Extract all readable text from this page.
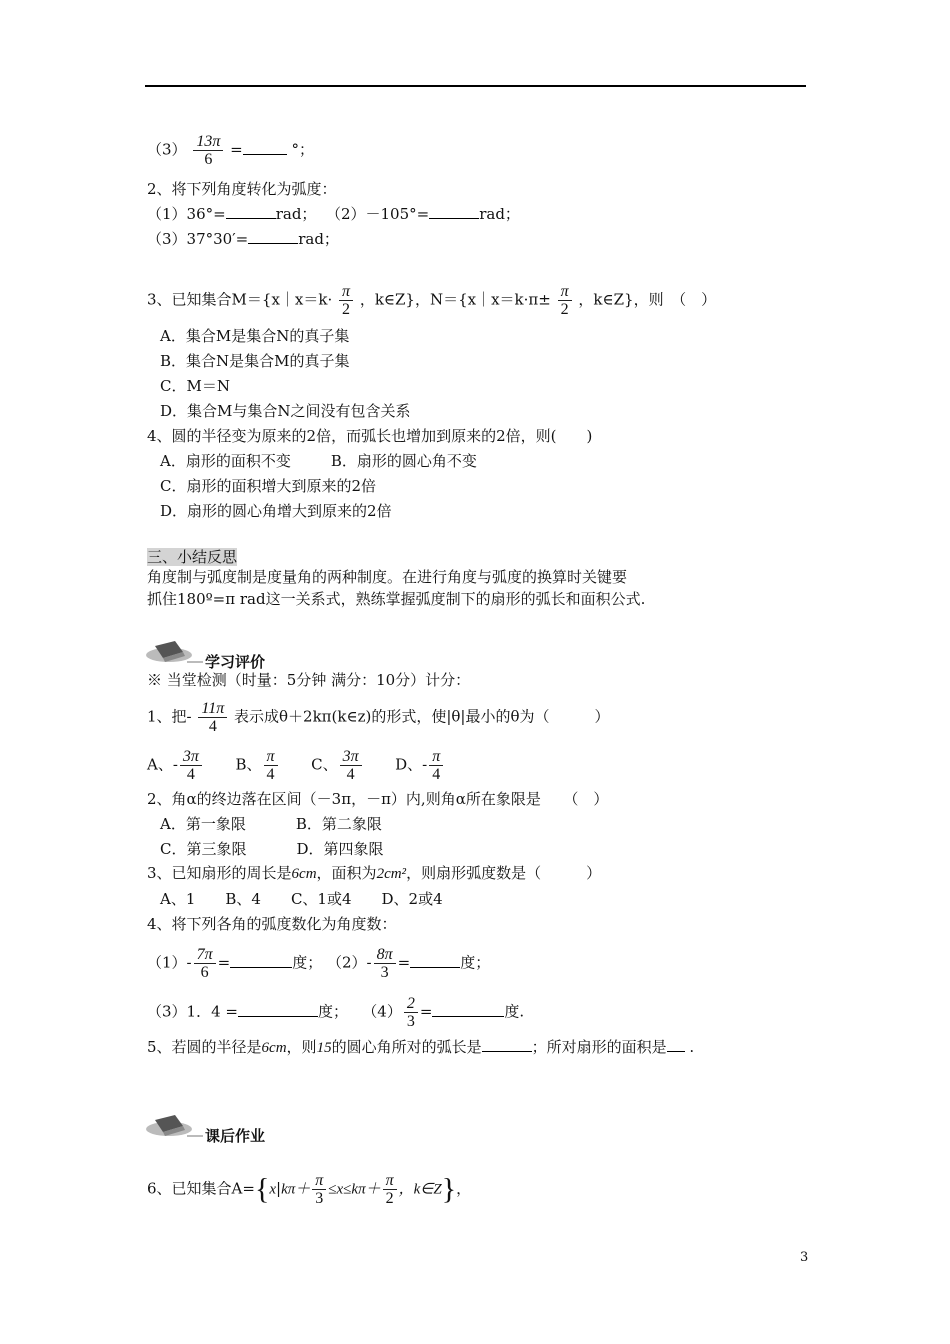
$(3) \frac{13\pi}{6}$ =	°；
2、将下列角度转化为弧度：
（1）36°=	rad； （2）－105°=	rad；
（3）37°30′=	rad；
3、已知集合M＝{x｜x＝k· $\frac{\pi}{2}$ ，k∈Z}，N＝{x｜x＝k·π± $\frac{\pi}{2}$ ，k∈Z}，则　（　）
A．集合M是集合N的真子集
B．集合N是集合M的真子集
C．M＝N
D．集合M与集合N之间没有包含关系
4、圆的半径变为原来的2倍，而弧长也增加到原来的2倍，则(　　)
A．扇形的面积不变	B．扇形的圆心角不变
C．扇形的面积增大到原来的2倍
D．扇形的圆心角增大到原来的2倍
三、小结反思
角度制与弧度制是度量角的两种制度。在进行角度与弧度的换算时关键要
抓住180º=π rad这一关系式，熟练掌握弧度制下的扇形的弧长和面积公式.
学习评价
※ 当堂检测（时量：5分钟 满分：10分）计分：
1、把- $\frac{11\pi}{4}$ 表示成θ＋2kπ(k∈z)的形式，使|θ|最小的θ为（　　　）
A、- $\frac{3\pi}{4}$ B、 $\frac{\pi}{4}$ C、 $\frac{3\pi}{4}$ D、- $\frac{\pi}{4}$
2、角α的终边落在区间（－3π，－π）内,则角α所在象限是　　（　）
A．第一象限	B．第二象限
C．第三象限	D．第四象限
3、已知扇形的周长是6cm，面积为2cm²，则扇形弧度数是（　　　）
A、1　　B、4　　C、1或4　　D、2或4
4、将下列各角的弧度数化为角度数：
$(1)- \frac{7\pi}{6}$ =	度； $(2)- \frac{8\pi}{3}$ =	度；
（3）1．4 =	度； $(4) \frac{2}{3}$ =	度.
5、若圆的半径是6cm，则15的圆心角所对的弧长是	；所对扇形的面积是 .
课后作业
6、已知集合$A=\{x|k\pi+ \frac{\pi}{3} \le x\le k\pi+ \frac{\pi}{2}$ ，k∈Z}，
3
